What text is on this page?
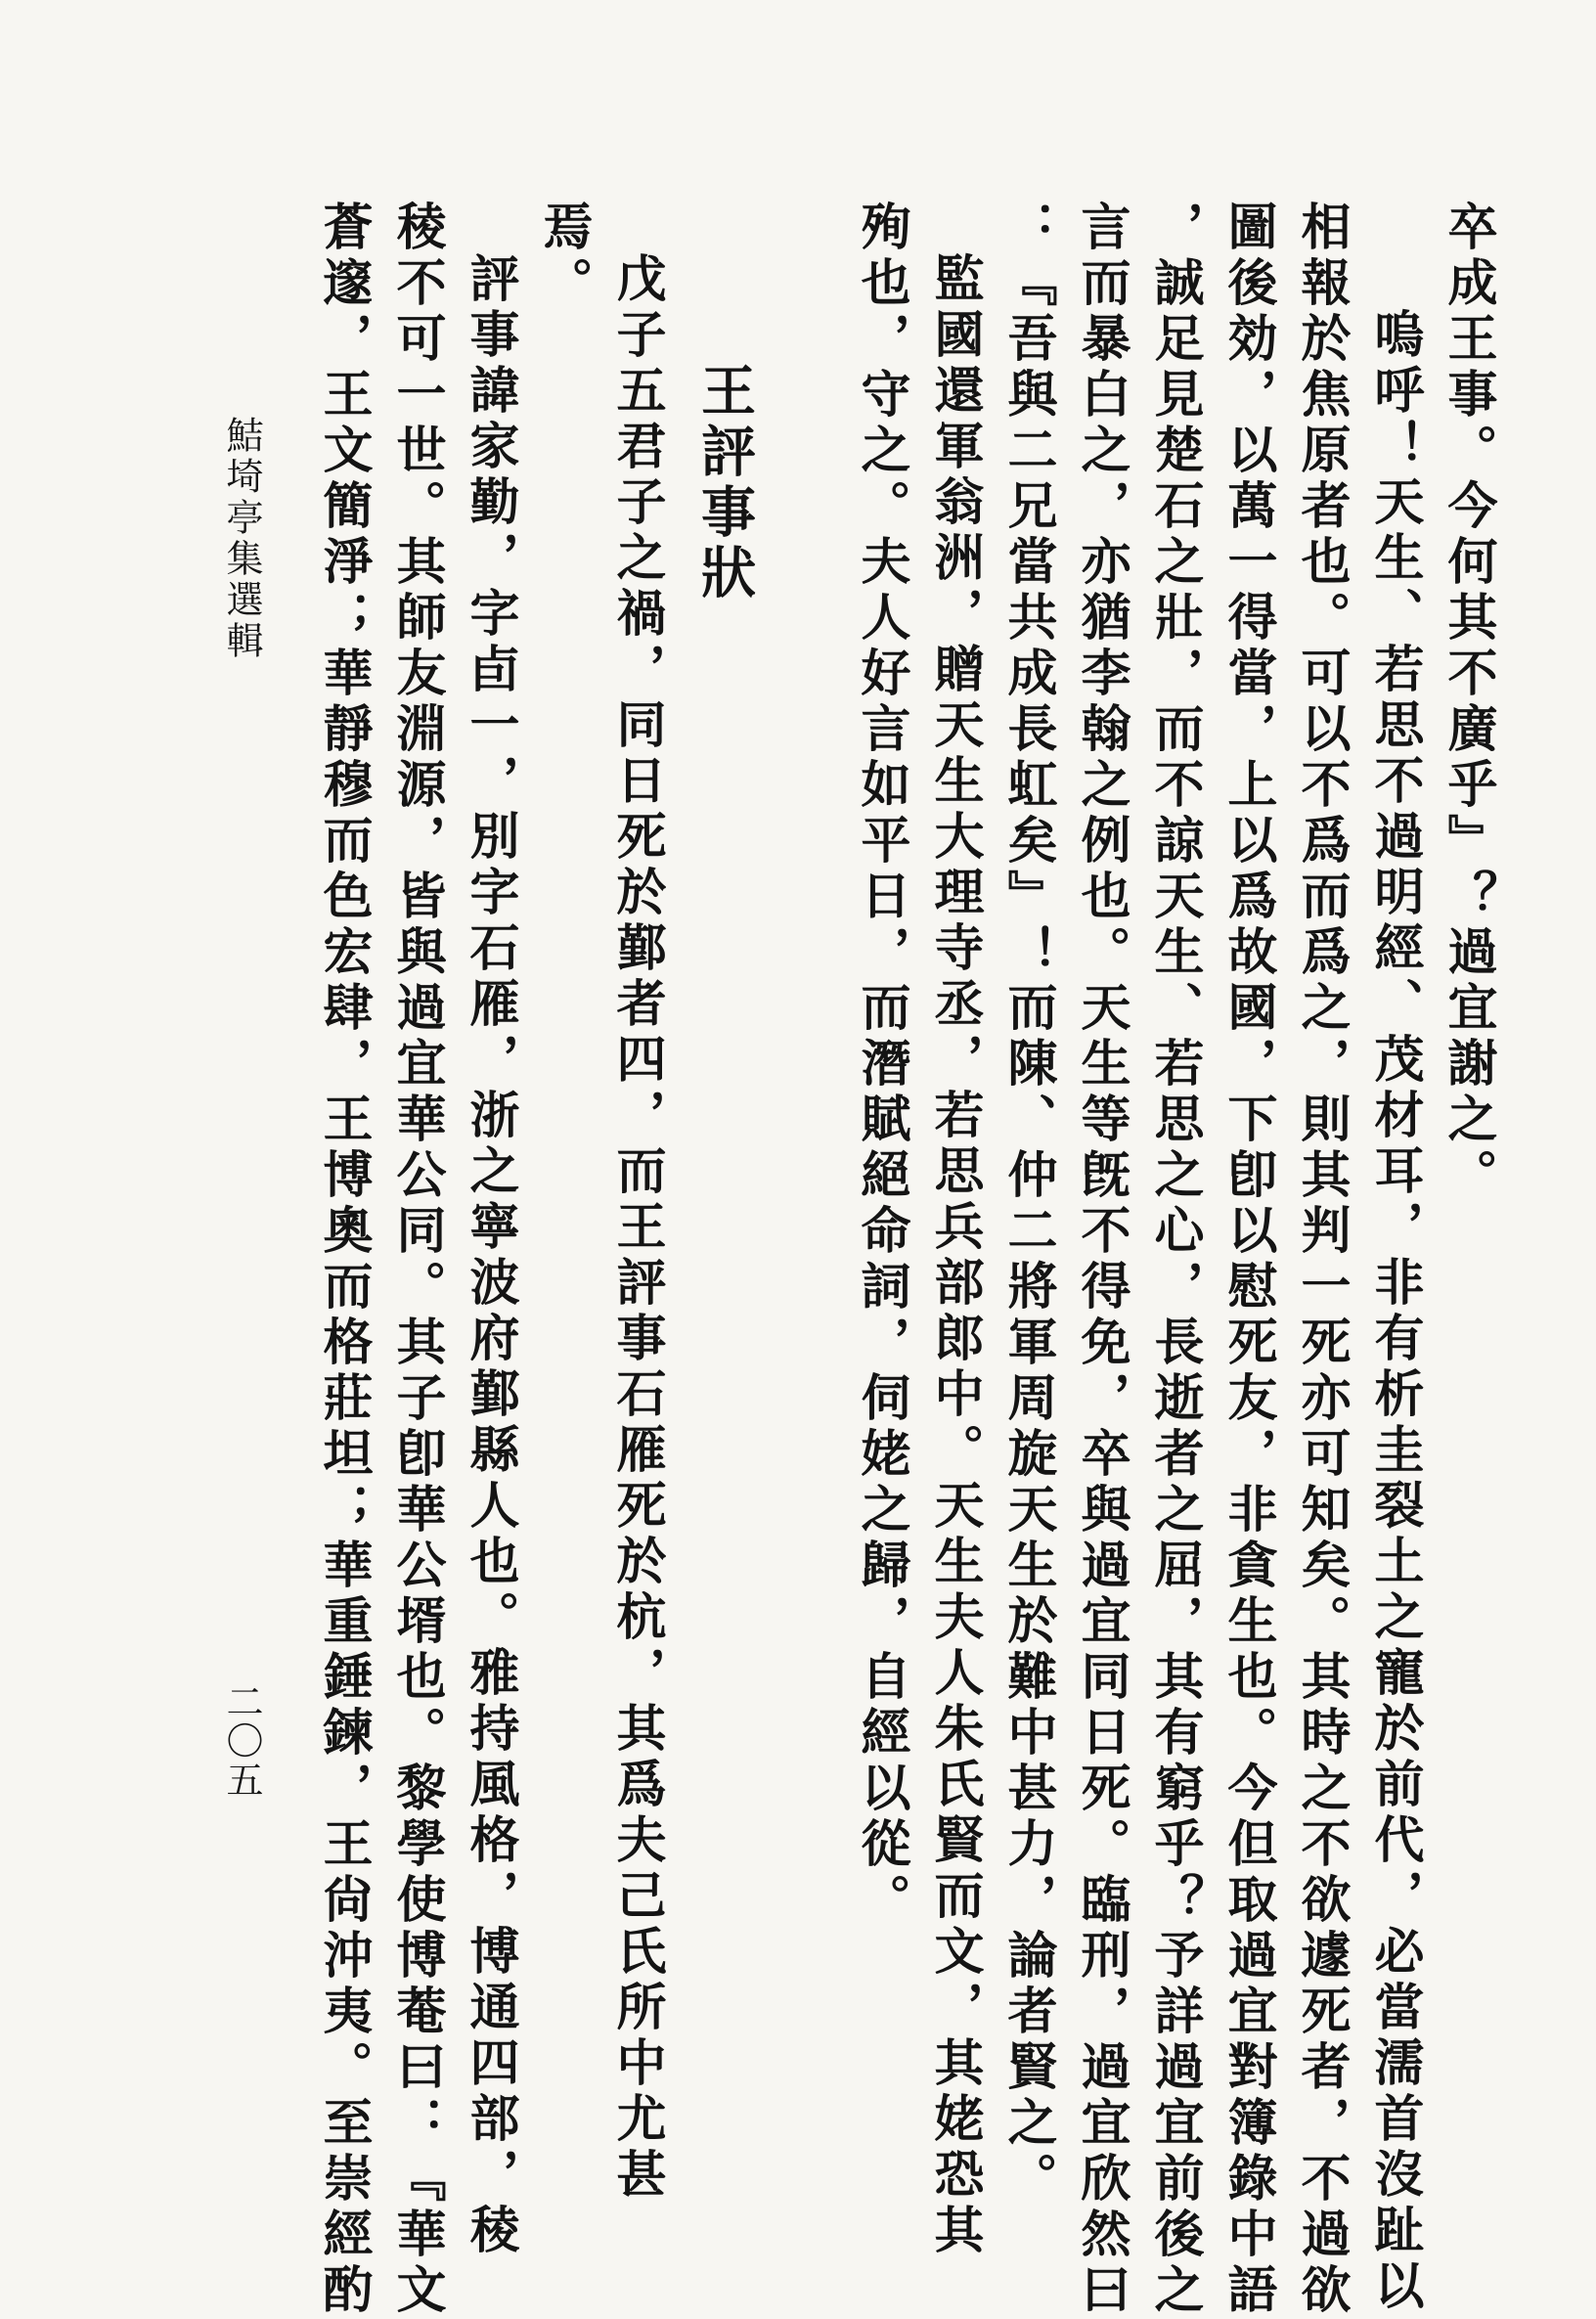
卒成王事。今何其不廣乎』？過宜謝之。
嗚呼！天生、若思不過明經、茂材耳，非有析圭裂土之寵於前代，必當濡首沒趾以
相報於焦原者也。可以不爲而爲之，則其判一死亦可知矣。其時之不欲遽死者，不過欲
圖後効，以萬一得當，上以爲故國，下卽以慰死友，非貪生也。今但取過宜對簿錄中語
，誠足見楚石之壯，而不諒天生、若思之心，長逝者之屈，其有窮乎？予詳過宜前後之
言而暴白之，亦猶李翰之例也。天生等旣不得免，卒與過宜同日死。臨刑，過宜欣然曰
：『吾與二兄當共成長虹矣』！而陳、仲二將軍周旋天生於難中甚力，論者賢之。
監國還軍翁洲，贈天生大理寺丞，若思兵部郎中。天生夫人朱氏賢而文，其姥恐其
殉也，守之。夫人好言如平日，而潛賦絕命詞，伺姥之歸，自經以從。
戊子五君子之禍，同日死於鄞者四，而王評事石雁死於杭，其爲夫己氏所中尤甚
焉。
評事諱家勤，字卣一，別字石雁，浙之寧波府鄞縣人也。雅持風格，博通四部，稜
稜不可一世。其師友淵源，皆與過宜華公同。其子卽華公壻也。黎學使博菴曰：『華文
蒼邃，王文簡淨；華靜穆而色宏肆，王博奧而格莊坦；華重錘鍊，王尙沖夷。至崇經酌	王評事狀
鮚埼亭集選輯
二〇五
